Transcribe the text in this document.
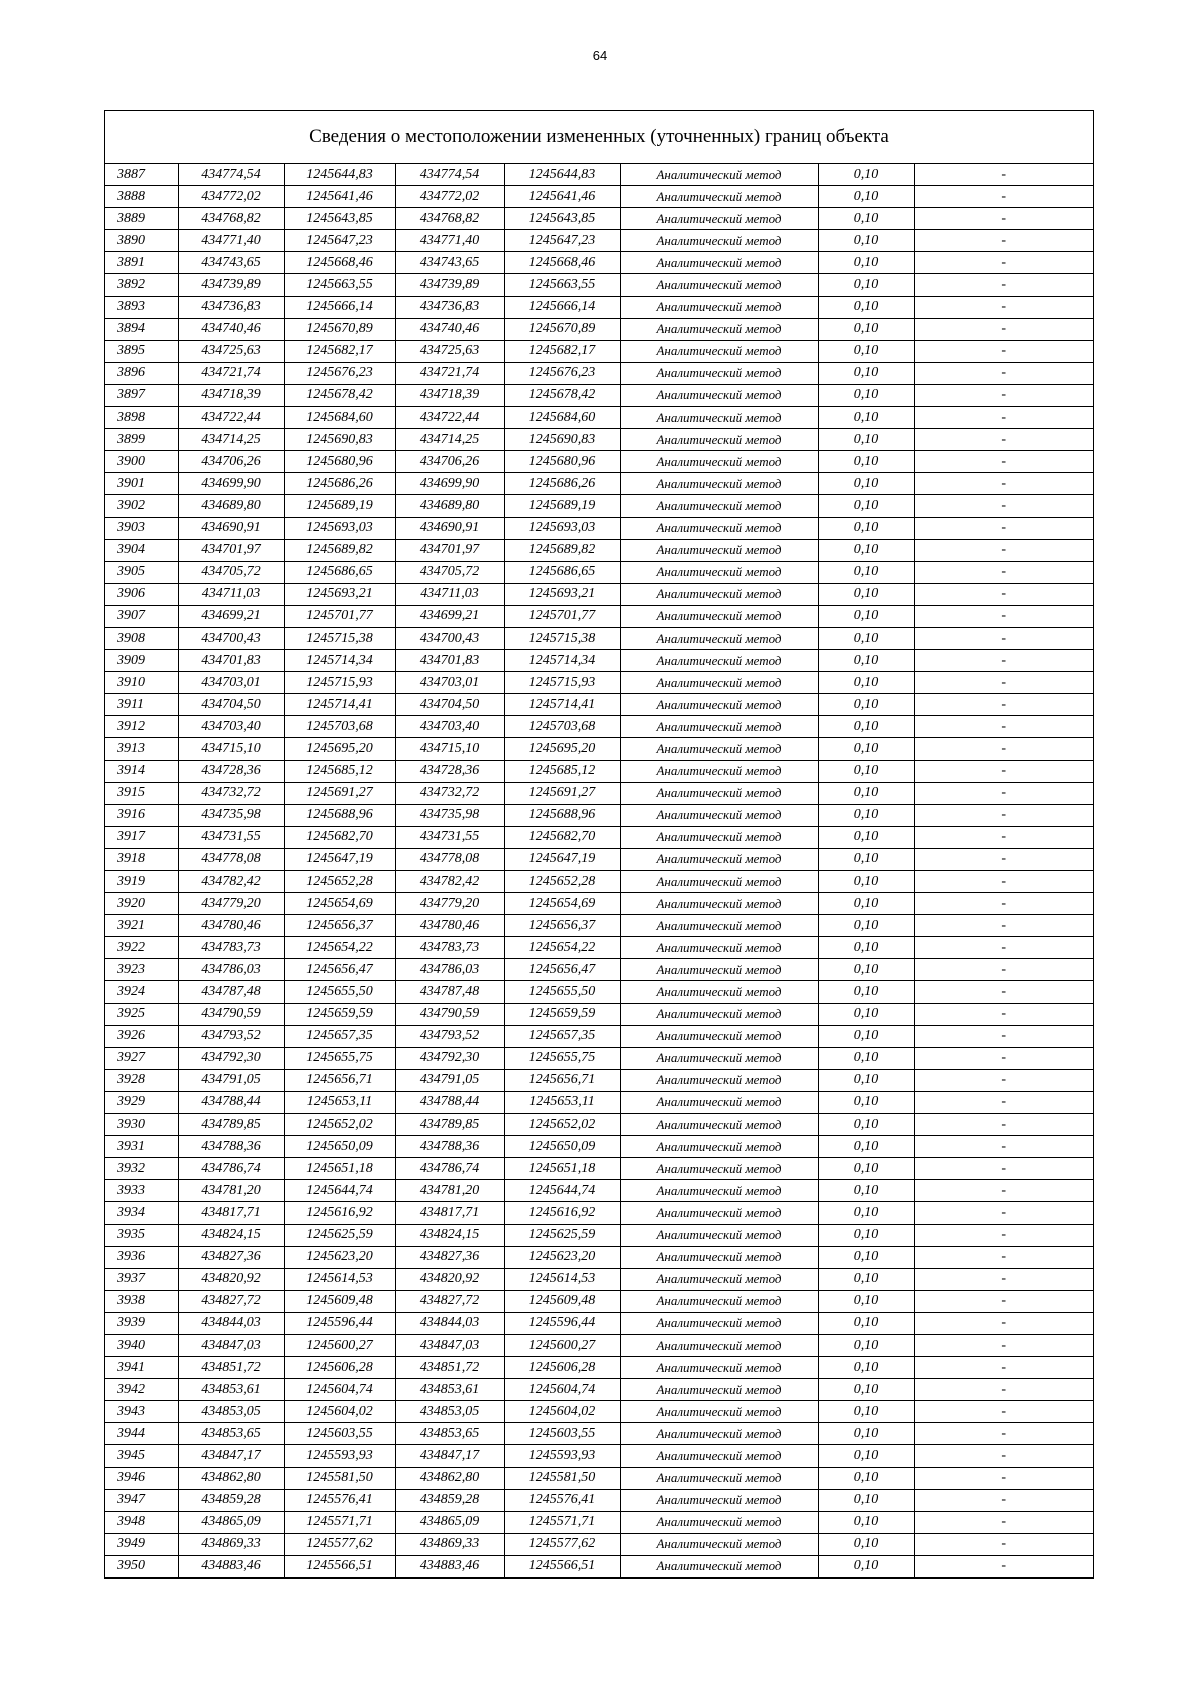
64
Сведения о местоположении измененных (уточненных) границ объекта
3887	434774,54	1245644,83	434774,54	1245644,83	Аналитический метод	0,10	-
3888	434772,02	1245641,46	434772,02	1245641,46	Аналитический метод	0,10	-
3889	434768,82	1245643,85	434768,82	1245643,85	Аналитический метод	0,10	-
3890	434771,40	1245647,23	434771,40	1245647,23	Аналитический метод	0,10	-
3891	434743,65	1245668,46	434743,65	1245668,46	Аналитический метод	0,10	-
3892	434739,89	1245663,55	434739,89	1245663,55	Аналитический метод	0,10	-
3893	434736,83	1245666,14	434736,83	1245666,14	Аналитический метод	0,10	-
3894	434740,46	1245670,89	434740,46	1245670,89	Аналитический метод	0,10	-
3895	434725,63	1245682,17	434725,63	1245682,17	Аналитический метод	0,10	-
3896	434721,74	1245676,23	434721,74	1245676,23	Аналитический метод	0,10	-
3897	434718,39	1245678,42	434718,39	1245678,42	Аналитический метод	0,10	-
3898	434722,44	1245684,60	434722,44	1245684,60	Аналитический метод	0,10	-
3899	434714,25	1245690,83	434714,25	1245690,83	Аналитический метод	0,10	-
3900	434706,26	1245680,96	434706,26	1245680,96	Аналитический метод	0,10	-
3901	434699,90	1245686,26	434699,90	1245686,26	Аналитический метод	0,10	-
3902	434689,80	1245689,19	434689,80	1245689,19	Аналитический метод	0,10	-
3903	434690,91	1245693,03	434690,91	1245693,03	Аналитический метод	0,10	-
3904	434701,97	1245689,82	434701,97	1245689,82	Аналитический метод	0,10	-
3905	434705,72	1245686,65	434705,72	1245686,65	Аналитический метод	0,10	-
3906	434711,03	1245693,21	434711,03	1245693,21	Аналитический метод	0,10	-
3907	434699,21	1245701,77	434699,21	1245701,77	Аналитический метод	0,10	-
3908	434700,43	1245715,38	434700,43	1245715,38	Аналитический метод	0,10	-
3909	434701,83	1245714,34	434701,83	1245714,34	Аналитический метод	0,10	-
3910	434703,01	1245715,93	434703,01	1245715,93	Аналитический метод	0,10	-
3911	434704,50	1245714,41	434704,50	1245714,41	Аналитический метод	0,10	-
3912	434703,40	1245703,68	434703,40	1245703,68	Аналитический метод	0,10	-
3913	434715,10	1245695,20	434715,10	1245695,20	Аналитический метод	0,10	-
3914	434728,36	1245685,12	434728,36	1245685,12	Аналитический метод	0,10	-
3915	434732,72	1245691,27	434732,72	1245691,27	Аналитический метод	0,10	-
3916	434735,98	1245688,96	434735,98	1245688,96	Аналитический метод	0,10	-
3917	434731,55	1245682,70	434731,55	1245682,70	Аналитический метод	0,10	-
3918	434778,08	1245647,19	434778,08	1245647,19	Аналитический метод	0,10	-
3919	434782,42	1245652,28	434782,42	1245652,28	Аналитический метод	0,10	-
3920	434779,20	1245654,69	434779,20	1245654,69	Аналитический метод	0,10	-
3921	434780,46	1245656,37	434780,46	1245656,37	Аналитический метод	0,10	-
3922	434783,73	1245654,22	434783,73	1245654,22	Аналитический метод	0,10	-
3923	434786,03	1245656,47	434786,03	1245656,47	Аналитический метод	0,10	-
3924	434787,48	1245655,50	434787,48	1245655,50	Аналитический метод	0,10	-
3925	434790,59	1245659,59	434790,59	1245659,59	Аналитический метод	0,10	-
3926	434793,52	1245657,35	434793,52	1245657,35	Аналитический метод	0,10	-
3927	434792,30	1245655,75	434792,30	1245655,75	Аналитический метод	0,10	-
3928	434791,05	1245656,71	434791,05	1245656,71	Аналитический метод	0,10	-
3929	434788,44	1245653,11	434788,44	1245653,11	Аналитический метод	0,10	-
3930	434789,85	1245652,02	434789,85	1245652,02	Аналитический метод	0,10	-
3931	434788,36	1245650,09	434788,36	1245650,09	Аналитический метод	0,10	-
3932	434786,74	1245651,18	434786,74	1245651,18	Аналитический метод	0,10	-
3933	434781,20	1245644,74	434781,20	1245644,74	Аналитический метод	0,10	-
3934	434817,71	1245616,92	434817,71	1245616,92	Аналитический метод	0,10	-
3935	434824,15	1245625,59	434824,15	1245625,59	Аналитический метод	0,10	-
3936	434827,36	1245623,20	434827,36	1245623,20	Аналитический метод	0,10	-
3937	434820,92	1245614,53	434820,92	1245614,53	Аналитический метод	0,10	-
3938	434827,72	1245609,48	434827,72	1245609,48	Аналитический метод	0,10	-
3939	434844,03	1245596,44	434844,03	1245596,44	Аналитический метод	0,10	-
3940	434847,03	1245600,27	434847,03	1245600,27	Аналитический метод	0,10	-
3941	434851,72	1245606,28	434851,72	1245606,28	Аналитический метод	0,10	-
3942	434853,61	1245604,74	434853,61	1245604,74	Аналитический метод	0,10	-
3943	434853,05	1245604,02	434853,05	1245604,02	Аналитический метод	0,10	-
3944	434853,65	1245603,55	434853,65	1245603,55	Аналитический метод	0,10	-
3945	434847,17	1245593,93	434847,17	1245593,93	Аналитический метод	0,10	-
3946	434862,80	1245581,50	434862,80	1245581,50	Аналитический метод	0,10	-
3947	434859,28	1245576,41	434859,28	1245576,41	Аналитический метод	0,10	-
3948	434865,09	1245571,71	434865,09	1245571,71	Аналитический метод	0,10	-
3949	434869,33	1245577,62	434869,33	1245577,62	Аналитический метод	0,10	-
3950	434883,46	1245566,51	434883,46	1245566,51	Аналитический метод	0,10	-
